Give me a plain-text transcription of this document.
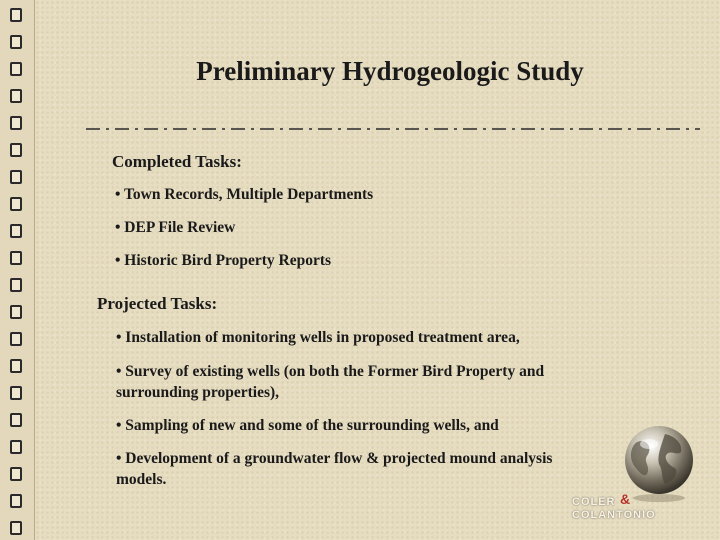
Preliminary Hydrogeologic Study
Completed Tasks:
• Town Records, Multiple Departments
• DEP File Review
• Historic Bird Property Reports
Projected Tasks:
• Installation of monitoring wells in proposed treatment area,
• Survey of existing wells (on both the Former Bird Property and
surrounding properties),
• Sampling of new and some of the surrounding wells, and
• Development of a groundwater flow & projected mound analysis
models.
COLER &
COLANTONIO
